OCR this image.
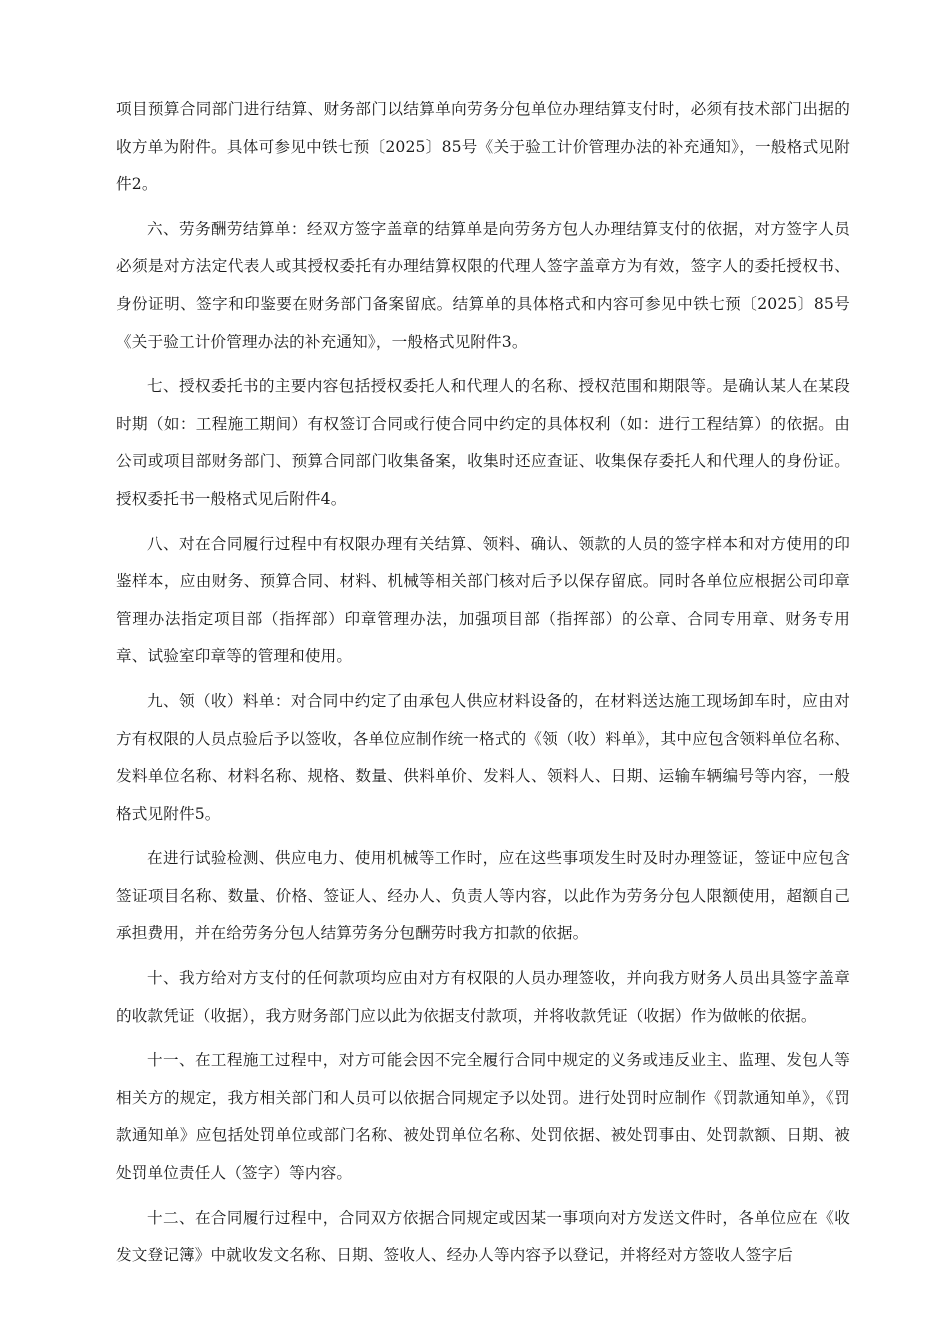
项目预算合同部门进行结算、财务部门以结算单向劳务分包单位办理结算支付时，必须有技术部门出据的收方单为附件。具体可参见中铁七预〔2025〕85号《关于验工计价管理办法的补充通知》，一般格式见附件2。

六、劳务酬劳结算单：经双方签字盖章的结算单是向劳务方包人办理结算支付的依据，对方签字人员必须是对方法定代表人或其授权委托有办理结算权限的代理人签字盖章方为有效，签字人的委托授权书、身份证明、签字和印鉴要在财务部门备案留底。结算单的具体格式和内容可参见中铁七预〔2025〕85号《关于验工计价管理办法的补充通知》，一般格式见附件3。

七、授权委托书的主要内容包括授权委托人和代理人的名称、授权范围和期限等。是确认某人在某段时期（如：工程施工期间）有权签订合同或行使合同中约定的具体权利（如：进行工程结算）的依据。由公司或项目部财务部门、预算合同部门收集备案，收集时还应查证、收集保存委托人和代理人的身份证。授权委托书一般格式见后附件4。

八、对在合同履行过程中有权限办理有关结算、领料、确认、领款的人员的签字样本和对方使用的印鉴样本，应由财务、预算合同、材料、机械等相关部门核对后予以保存留底。同时各单位应根据公司印章管理办法指定项目部（指挥部）印章管理办法，加强项目部（指挥部）的公章、合同专用章、财务专用章、试验室印章等的管理和使用。

九、领（收）料单：对合同中约定了由承包人供应材料设备的，在材料送达施工现场卸车时，应由对方有权限的人员点验后予以签收，各单位应制作统一格式的《领（收）料单》，其中应包含领料单位名称、发料单位名称、材料名称、规格、数量、供料单价、发料人、领料人、日期、运输车辆编号等内容，一般格式见附件5。

在进行试验检测、供应电力、使用机械等工作时，应在这些事项发生时及时办理签证，签证中应包含签证项目名称、数量、价格、签证人、经办人、负责人等内容，以此作为劳务分包人限额使用，超额自己承担费用，并在给劳务分包人结算劳务分包酬劳时我方扣款的依据。

十、我方给对方支付的任何款项均应由对方有权限的人员办理签收，并向我方财务人员出具签字盖章的收款凭证（收据），我方财务部门应以此为依据支付款项，并将收款凭证（收据）作为做帐的依据。

十一、在工程施工过程中，对方可能会因不完全履行合同中规定的义务或违反业主、监理、发包人等相关方的规定，我方相关部门和人员可以依据合同规定予以处罚。进行处罚时应制作《罚款通知单》，《罚款通知单》应包括处罚单位或部门名称、被处罚单位名称、处罚依据、被处罚事由、处罚款额、日期、被处罚单位责任人（签字）等内容。

十二、在合同履行过程中，合同双方依据合同规定或因某一事项向对方发送文件时，各单位应在《收发文登记簿》中就收发文名称、日期、签收人、经办人等内容予以登记，并将经对方签收人签字后
